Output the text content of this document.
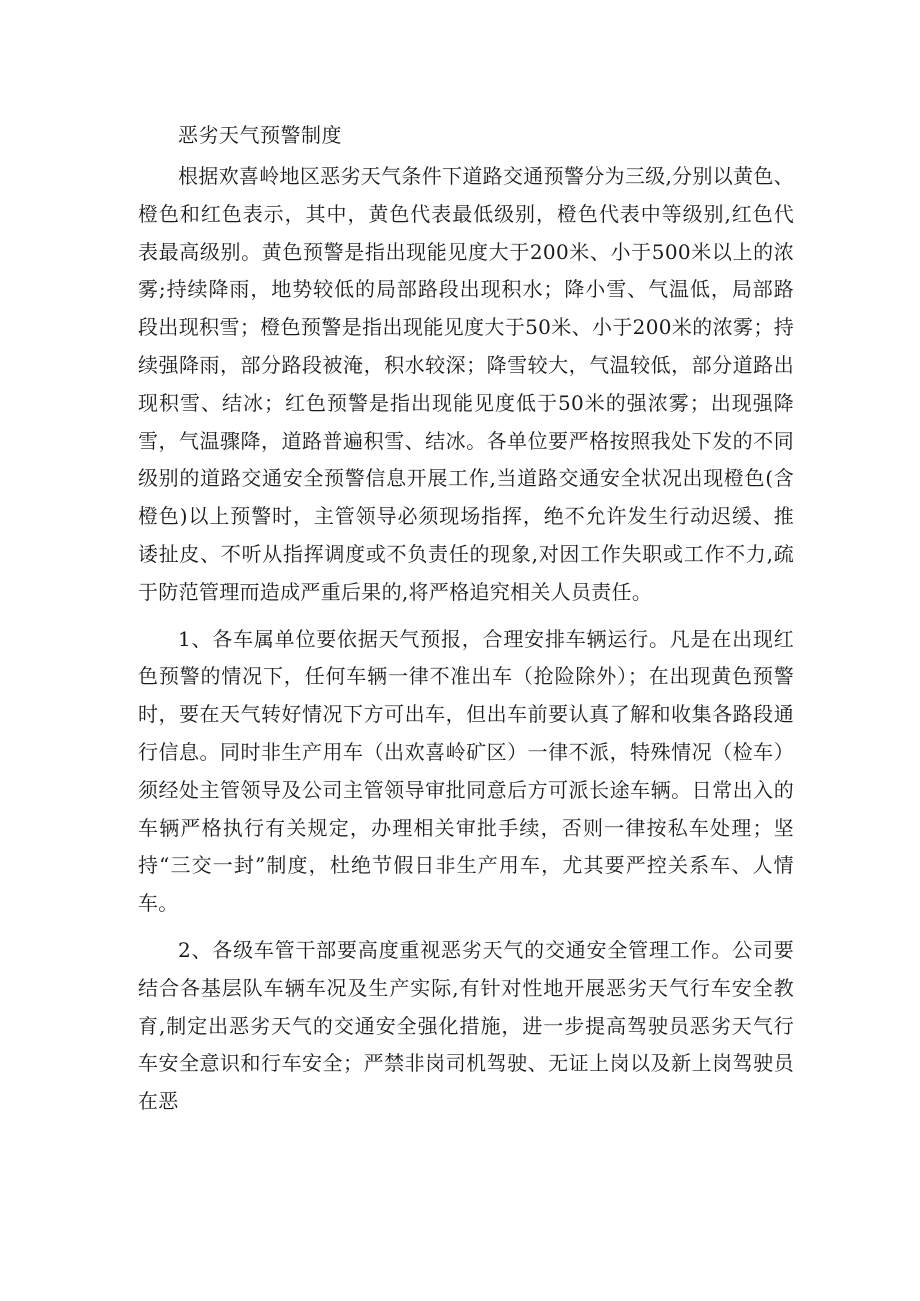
恶劣天气预警制度

根据欢喜岭地区恶劣天气条件下道路交通预警分为三级,分别以黄色、橙色和红色表示，其中，黄色代表最低级别，橙色代表中等级别,红色代表最高级别。黄色预警是指出现能见度大于200米、小于500米以上的浓雾;持续降雨，地势较低的局部路段出现积水；降小雪、气温低，局部路段出现积雪；橙色预警是指出现能见度大于50米、小于200米的浓雾；持续强降雨，部分路段被淹，积水较深；降雪较大，气温较低，部分道路出现积雪、结冰；红色预警是指出现能见度低于50米的强浓雾；出现强降雪，气温骤降，道路普遍积雪、结冰。各单位要严格按照我处下发的不同级别的道路交通安全预警信息开展工作,当道路交通安全状况出现橙色(含橙色)以上预警时，主管领导必须现场指挥，绝不允许发生行动迟缓、推诿扯皮、不听从指挥调度或不负责任的现象,对因工作失职或工作不力,疏于防范管理而造成严重后果的,将严格追究相关人员责任。

1、各车属单位要依据天气预报，合理安排车辆运行。凡是在出现红色预警的情况下，任何车辆一律不准出车（抢险除外）；在出现黄色预警时，要在天气转好情况下方可出车，但出车前要认真了解和收集各路段通行信息。同时非生产用车（出欢喜岭矿区）一律不派，特殊情况（检车）须经处主管领导及公司主管领导审批同意后方可派长途车辆。日常出入的车辆严格执行有关规定，办理相关审批手续，否则一律按私车处理；坚持“三交一封”制度，杜绝节假日非生产用车，尤其要严控关系车、人情车。

2、各级车管干部要高度重视恶劣天气的交通安全管理工作。公司要结合各基层队车辆车况及生产实际,有针对性地开展恶劣天气行车安全教育,制定出恶劣天气的交通安全强化措施，进一步提高驾驶员恶劣天气行车安全意识和行车安全；严禁非岗司机驾驶、无证上岗以及新上岗驾驶员在恶
